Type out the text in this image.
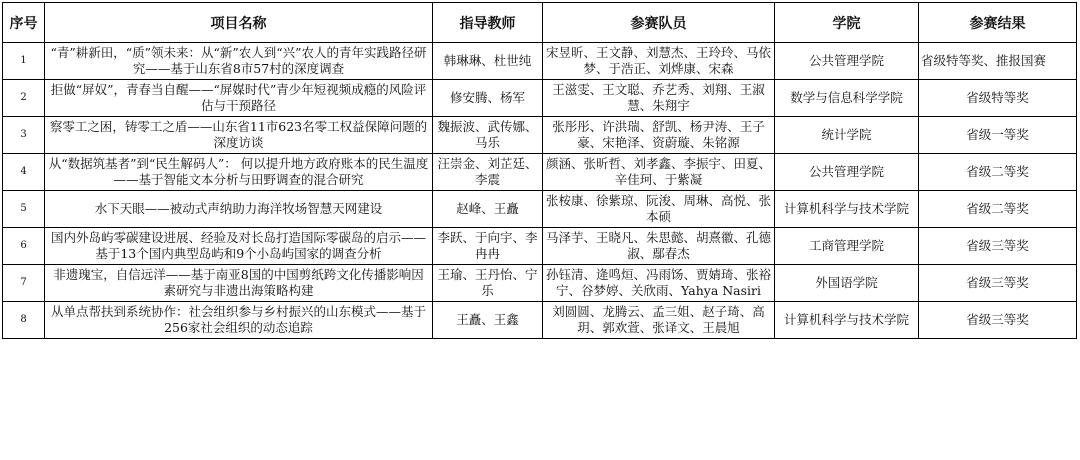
序号	项目名称	指导教师	参赛队员	学院	参赛结果
1	“青”耕新田，“质”领未来：从“新”农人到“兴”农人的青年实践路径研究——基于山东省8市57村的深度调查	韩琳琳、杜世纯	宋昱昕、王文静、刘慧杰、王玲玲、马依梦、于浩正、刘烨康、宋森	公共管理学院	省级特等奖、推报国赛

2	拒做“屏奴”，青春当自醒——“屏媒时代”青少年短视频成瘾的风险评估与干预路径	修安腾、杨军	王滋雯、王文聪、乔艺秀、刘翔、王淑慧、朱翔宇	数学与信息科学学院	省级特等奖

3	察零工之困，铸零工之盾——山东省11市623名零工权益保障问题的深度访谈	魏振波、武传娜、马乐	张彤彤、许洪瑞、舒凯、杨尹涛、王子豪、宋艳泽、资蔚璇、朱铭源	统计学院	省级一等奖

4	从“数据筑基者”到“民生解码人”： 何以提升地方政府账本的民生温度 ——基于智能文本分析与田野调查的混合研究	汪崇金、刘芷廷、李震	颜涵、张昕哲、刘孝鑫、李振宇、田夏、辛佳珂、于紫凝	公共管理学院	省级二等奖

5	水下天眼——被动式声纳助力海洋牧场智慧天网建设	赵峰、王矗	张桉康、徐紫琼、阮浚、周琳、高悦、张本硕	计算机科学与技术学院	省级二等奖

6	国内外岛屿零碳建设进展、经验及对长岛打造国际零碳岛的启示——基于13个国内典型岛屿和9个小岛屿国家的调查分析	李跃、于向宇、李冉冉	马泽芋、王晓凡、朱思懿、胡熹徽、孔德淑、鄢春杰	工商管理学院	省级三等奖

7	非遗瑰宝，自信远洋——基于南亚8国的中国剪纸跨文化传播影响因素研究与非遗出海策略构建	王瑜、王丹怡、宁乐	孙钰清、逄鸣烜、冯雨饧、贾婧琦、张裕宁、谷梦婷、关欣雨、Yahya Nasiri	外国语学院	省级三等奖

8	从单点帮扶到系统协作：社会组织参与乡村振兴的山东模式——基于256家社会组织的动态追踪	王矗、王鑫	刘圆圆、龙腾云、孟三姐、赵子琦、高玥、郭欢萱、张译文、王晨旭	计算机科学与技术学院	省级三等奖
